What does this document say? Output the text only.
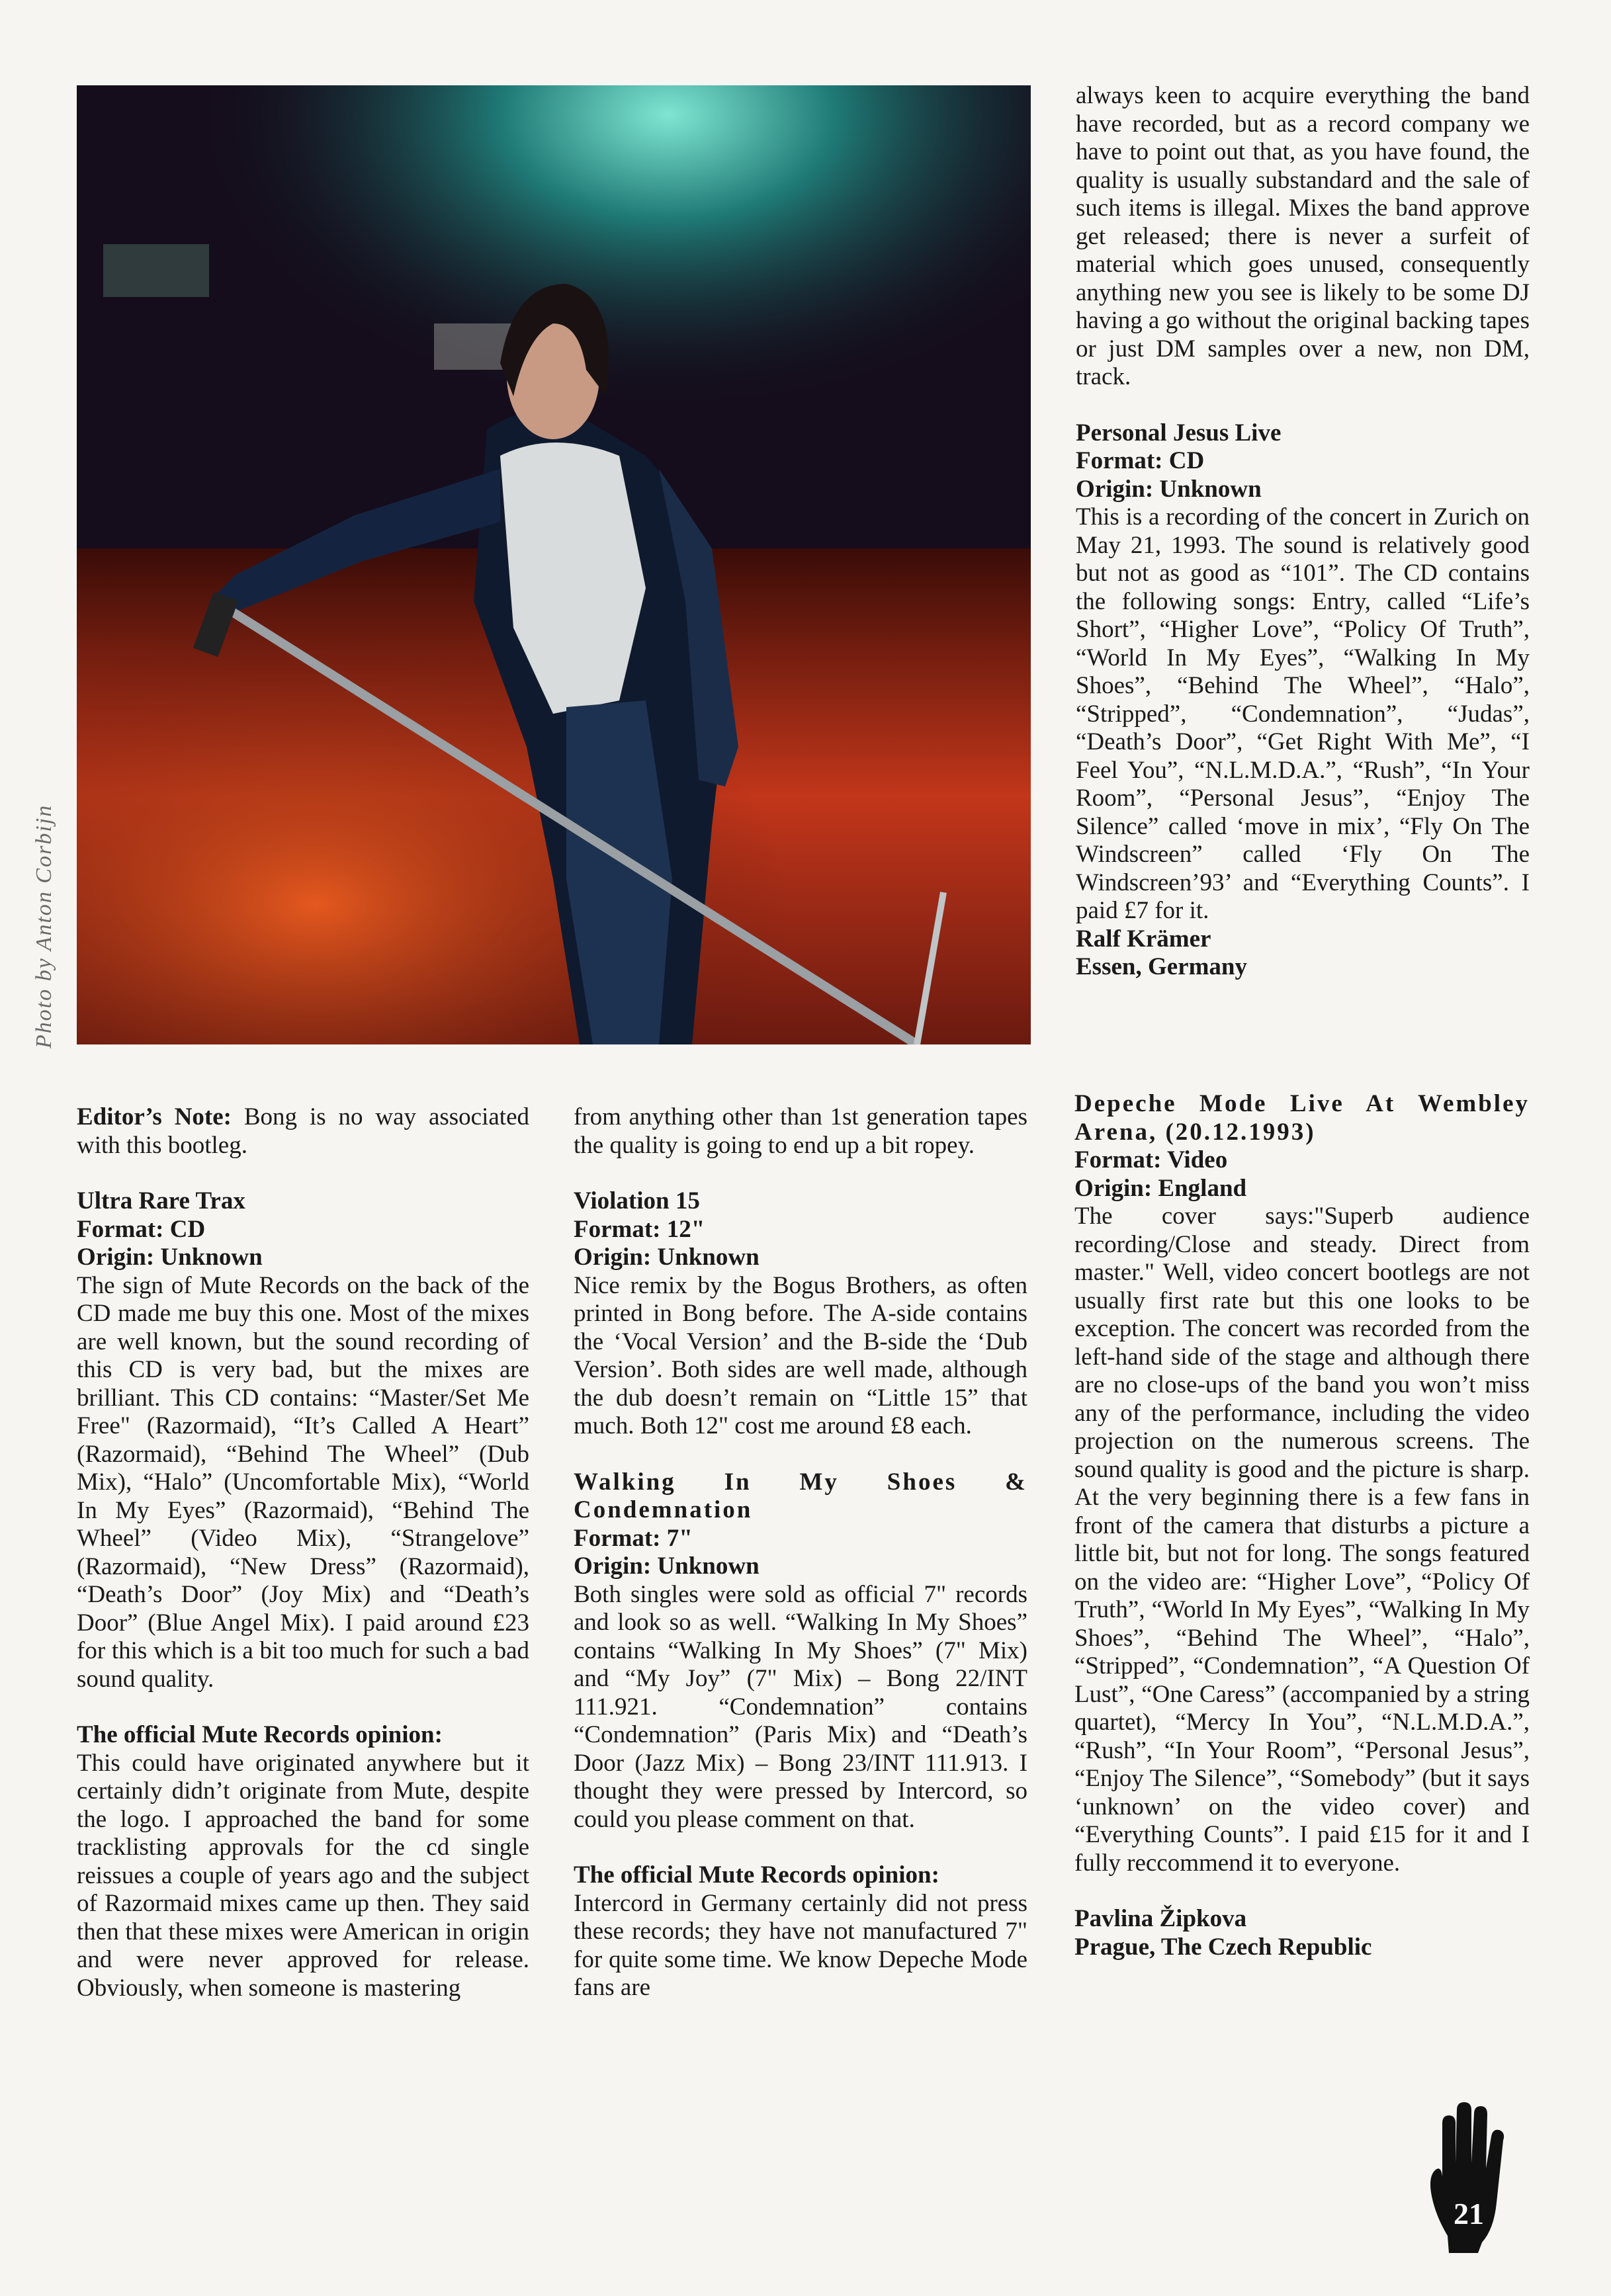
Photo by Anton Corbijn

always keen to acquire everything the band have recorded, but as a record company we have to point out that, as you have found, the quality is usually substandard and the sale of such items is illegal. Mixes the band approve get released; there is never a surfeit of material which goes unused, consequently anything new you see is likely to be some DJ having a go without the original backing tapes or just DM samples over a new, non DM, track.

Personal Jesus Live

Format: CD

Origin: Unknown

This is a recording of the concert in Zurich on May 21, 1993. The sound is relatively good but not as good as “101”. The CD contains the following songs: Entry, called “Life’s Short”, “Higher Love”, “Policy Of Truth”, “World In My Eyes”, “Walking In My Shoes”, “Behind The Wheel”, “Halo”, “Stripped”, “Condemnation”, “Judas”, “Death’s Door”, “Get Right With Me”, “I Feel You”, “N.L.M.D.A.”, “Rush”, “In Your Room”, “Personal Jesus”, “Enjoy The Silence” called ‘move in mix’, “Fly On The Windscreen” called ‘Fly On The Windscreen’93’ and “Everything Counts”. I paid £7 for it.

Ralf Krämer

Essen, Germany

Editor’s Note: Bong is no way associated with this bootleg.

Ultra Rare Trax

Format: CD

Origin: Unknown

The sign of Mute Records on the back of the CD made me buy this one. Most of the mixes are well known, but the sound recording of this CD is very bad, but the mixes are brilliant. This CD contains: “Master/Set Me Free" (Razormaid), “It’s Called A Heart” (Razormaid), “Behind The Wheel” (Dub Mix), “Halo” (Uncomfortable Mix), “World In My Eyes” (Razormaid), “Behind The Wheel” (Video Mix), “Strangelove” (Razormaid), “New Dress” (Razormaid), “Death’s Door” (Joy Mix) and “Death’s Door” (Blue Angel Mix). I paid around £23 for this which is a bit too much for such a bad sound quality.

The official Mute Records opinion:

This could have originated anywhere but it certainly didn’t originate from Mute, despite the logo. I approached the band for some tracklisting approvals for the cd single reissues a couple of years ago and the subject of Razormaid mixes came up then. They said then that these mixes were American in origin and were never approved for release. Obviously, when someone is mastering

from anything other than 1st generation tapes the quality is going to end up a bit ropey.

Violation 15

Format: 12"

Origin: Unknown

Nice remix by the Bogus Brothers, as often printed in Bong before. The A-side contains the ‘Vocal Version’ and the B-side the ‘Dub Version’. Both sides are well made, although the dub doesn’t remain on “Little 15” that much. Both 12" cost me around £8 each.

Walking In My Shoes & Condemnation

Format: 7"

Origin: Unknown

Both singles were sold as official 7" records and look so as well. “Walking In My Shoes” contains “Walking In My Shoes” (7" Mix) and “My Joy” (7" Mix) – Bong 22/INT 111.921. “Condemnation” contains “Condemnation” (Paris Mix) and “Death’s Door (Jazz Mix) – Bong 23/INT 111.913. I thought they were pressed by Intercord, so could you please comment on that.

The official Mute Records opinion:

Intercord in Germany certainly did not press these records; they have not manufactured 7" for quite some time. We know Depeche Mode fans are

Depeche Mode Live At Wembley Arena, (20.12.1993)

Format: Video

Origin: England

The cover says:"Superb audience recording/Close and steady. Direct from master." Well, video concert bootlegs are not usually first rate but this one looks to be exception. The concert was recorded from the left-hand side of the stage and although there are no close-ups of the band you won’t miss any of the performance, including the video projection on the numerous screens. The sound quality is good and the picture is sharp. At the very beginning there is a few fans in front of the camera that disturbs a picture a little bit, but not for long. The songs featured on the video are: “Higher Love”, “Policy Of Truth”, “World In My Eyes”, “Walking In My Shoes”, “Behind The Wheel”, “Halo”, “Stripped”, “Condemnation”, “A Question Of Lust”, “One Caress” (accompanied by a string quartet), “Mercy In You”, “N.L.M.D.A.”, “Rush”, “In Your Room”, “Personal Jesus”, “Enjoy The Silence”, “Somebody” (but it says ‘unknown’ on the video cover) and “Everything Counts”. I paid £15 for it and I fully reccommend it to everyone.

Pavlina Žipkova

Prague, The Czech Republic

21
